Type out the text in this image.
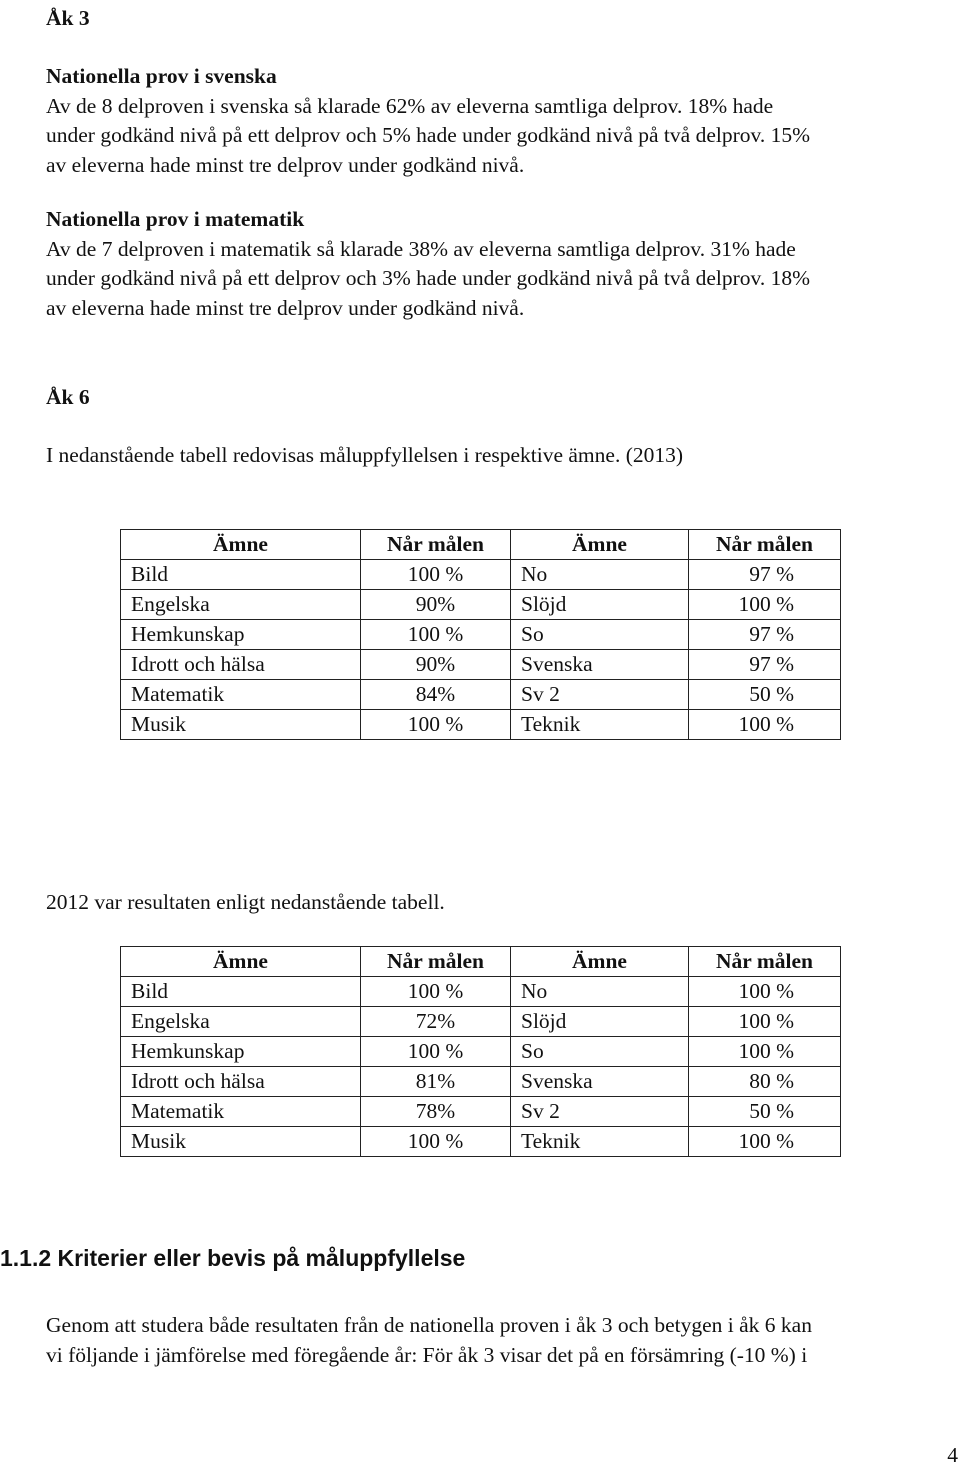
Åk 3
Nationella prov i svenska
Av de 8 delproven i svenska så klarade 62% av eleverna samtliga delprov. 18% hade
under godkänd nivå på ett delprov och 5% hade under godkänd nivå på två delprov. 15%
av eleverna hade minst tre delprov under godkänd nivå.
Nationella prov i matematik
Av de 7 delproven i matematik så klarade 38% av eleverna samtliga delprov. 31% hade
under godkänd nivå på ett delprov och 3% hade under godkänd nivå på två delprov. 18%
av eleverna hade minst tre delprov under godkänd nivå.
Åk 6
I nedanstående tabell redovisas måluppfyllelsen i respektive ämne. (2013)
Ämne	Når målen	Ämne	Når målen
Bild	100 %	No	97 %
Engelska	90%	Slöjd	100 %
Hemkunskap	100 %	So	97 %
Idrott och hälsa	90%	Svenska	97 %
Matematik	84%	Sv 2	50 %
Musik	100 %	Teknik	100 %
2012 var resultaten enligt nedanstående tabell.
Ämne	Når målen	Ämne	Når målen
Bild	100 %	No	100 %
Engelska	72%	Slöjd	100 %
Hemkunskap	100 %	So	100 %
Idrott och hälsa	81%	Svenska	80 %
Matematik	78%	Sv 2	50 %
Musik	100 %	Teknik	100 %
1.1.2 Kriterier eller bevis på måluppfyllelse
Genom att studera både resultaten från de nationella proven i åk 3 och betygen i åk 6 kan
vi följande i jämförelse med föregående år: För åk 3 visar det på en försämring (-10 %) i
4
